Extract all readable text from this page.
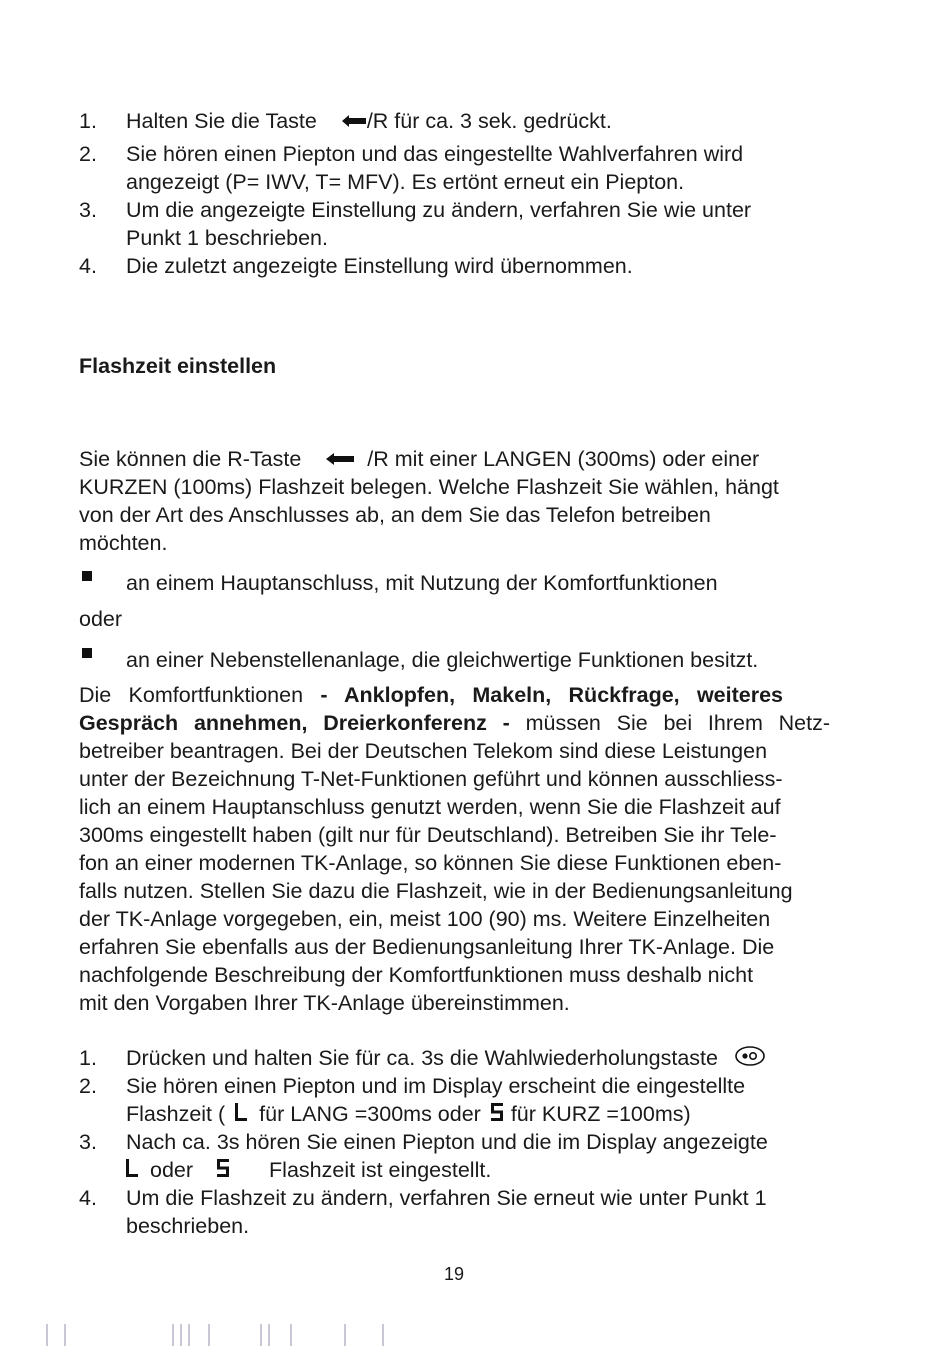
1. Halten Sie die Taste /R für ca. 3 sek. gedrückt.
2. Sie hören einen Piepton und das eingestellte Wahlverfahren wird
angezeigt (P= IWV, T= MFV). Es ertönt erneut ein Piepton.
3. Um die angezeigte Einstellung zu ändern, verfahren Sie wie unter
Punkt 1 beschrieben.
4. Die zuletzt angezeigte Einstellung wird übernommen.
Flashzeit einstellen
Sie können die R-Taste	/R mit einer LANGEN (300ms) oder einer
KURZEN (100ms) Flashzeit belegen. Welche Flashzeit Sie wählen, hängt
von der Art des Anschlusses ab, an dem Sie das Telefon betreiben
möchten.
an einem Hauptanschluss, mit Nutzung der Komfortfunktionen
oder
an einer Nebenstellenanlage, die gleichwertige Funktionen besitzt.
Die Komfortfunktionen - Anklopfen, Makeln, Rückfrage, weiteres
Gespräch annehmen, Dreierkonferenz - müssen Sie bei Ihrem Netz-
betreiber beantragen. Bei der Deutschen Telekom sind diese Leistungen
unter der Bezeichnung T-Net-Funktionen geführt und können ausschliess-
lich an einem Hauptanschluss genutzt werden, wenn Sie die Flashzeit auf
300ms eingestellt haben (gilt nur für Deutschland). Betreiben Sie ihr Tele-
fon an einer modernen TK-Anlage, so können Sie diese Funktionen eben-
falls nutzen. Stellen Sie dazu die Flashzeit, wie in der Bedienungsanleitung
der TK-Anlage vorgegeben, ein, meist 100 (90) ms. Weitere Einzelheiten
erfahren Sie ebenfalls aus der Bedienungsanleitung Ihrer TK-Anlage. Die
nachfolgende Beschreibung der Komfortfunktionen muss deshalb nicht
mit den Vorgaben Ihrer TK-Anlage übereinstimmen.
1. Drücken und halten Sie für ca. 3s die Wahlwiederholungstaste
2. Sie hören einen Piepton und im Display erscheint die eingestellte
Flashzeit ( für LANG =300ms oder für KURZ =100ms)
3. Nach ca. 3s hören Sie einen Piepton und die im Display angezeigte
oder	Flashzeit ist eingestellt.
4. Um die Flashzeit zu ändern, verfahren Sie erneut wie unter Punkt 1
beschrieben.
19
